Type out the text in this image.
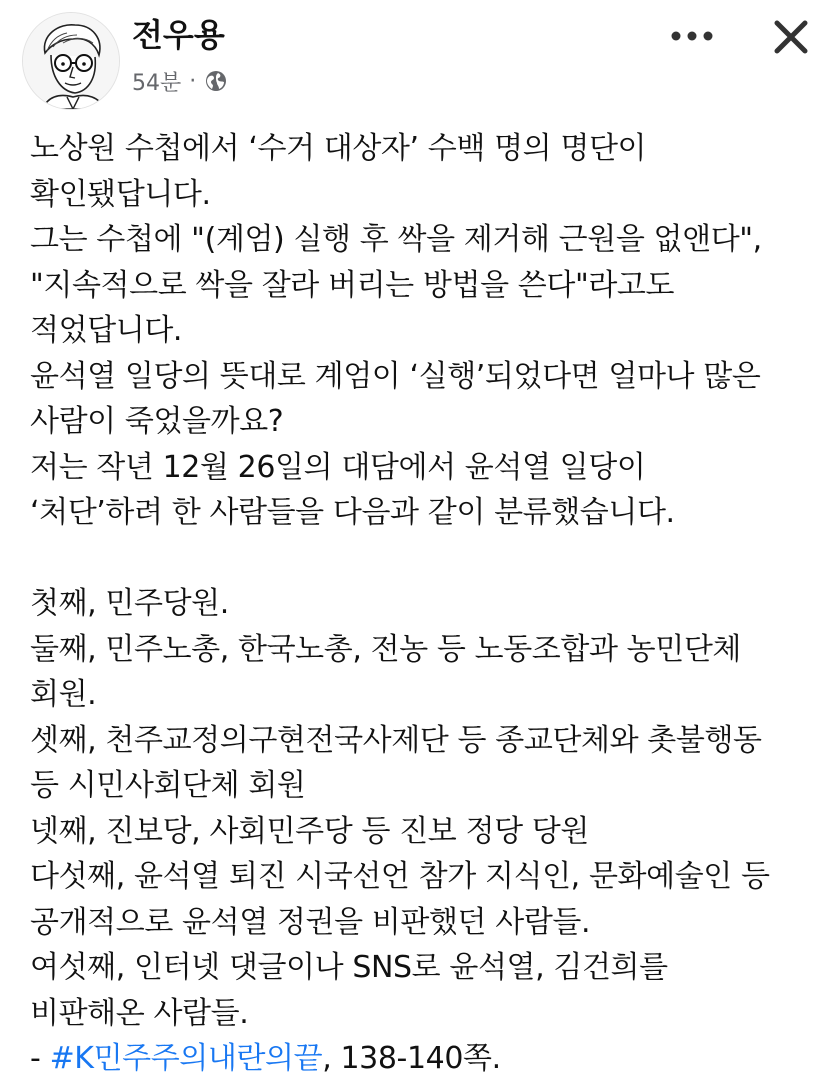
전우용
54분 ·
노상원 수첩에서 ‘수거 대상자’ 수백 명의 명단이
확인됐답니다.
그는 수첩에 "(계엄) 실행 후 싹을 제거해 근원을 없앤다",
"지속적으로 싹을 잘라 버리는 방법을 쓴다"라고도
적었답니다.
윤석열 일당의 뜻대로 계엄이 ‘실행’되었다면 얼마나 많은
사람이 죽었을까요?
저는 작년 12월 26일의 대담에서 윤석열 일당이
‘처단’하려 한 사람들을 다음과 같이 분류했습니다.
첫째, 민주당원.
둘째, 민주노총, 한국노총, 전농 등 노동조합과 농민단체
회원.
셋째, 천주교정의구현전국사제단 등 종교단체와 촛불행동
등 시민사회단체 회원
넷째, 진보당, 사회민주당 등 진보 정당 당원
다섯째, 윤석열 퇴진 시국선언 참가 지식인, 문화예술인 등
공개적으로 윤석열 정권을 비판했던 사람들.
여섯째, 인터넷 댓글이나 SNS로 윤석열, 김건희를
비판해온 사람들.
- #K민주주의내란의끝, 138-140쪽.
